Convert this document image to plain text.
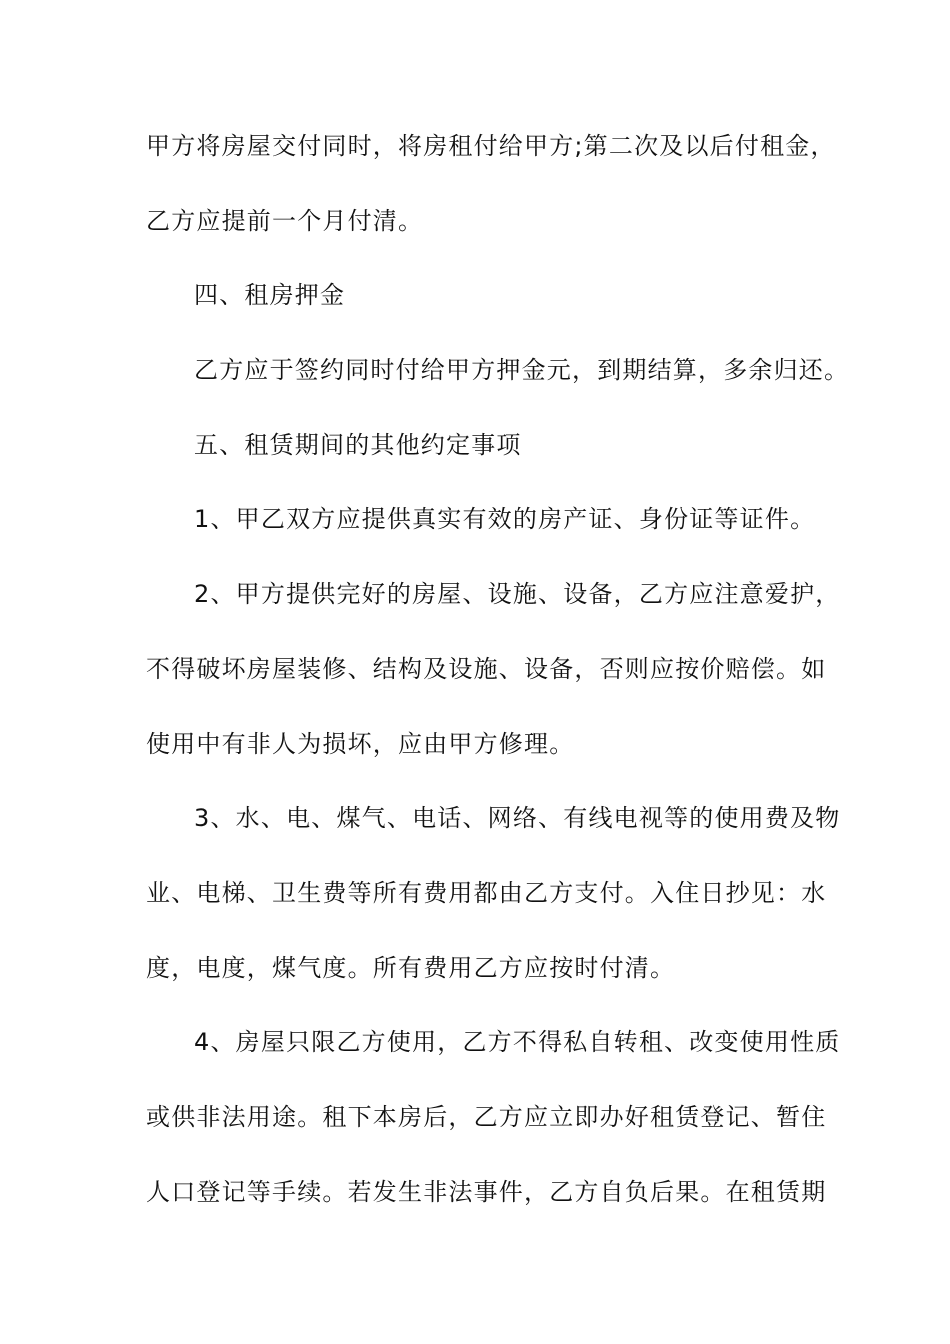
甲方将房屋交付同时，将房租付给甲方;第二次及以后付租金，
乙方应提前一个月付清。
四、租房押金
乙方应于签约同时付给甲方押金元，到期结算，多余归还。
五、租赁期间的其他约定事项
1、甲乙双方应提供真实有效的房产证、身份证等证件。
2、甲方提供完好的房屋、设施、设备，乙方应注意爱护，
不得破坏房屋装修、结构及设施、设备，否则应按价赔偿。如
使用中有非人为损坏，应由甲方修理。
3、水、电、煤气、电话、网络、有线电视等的使用费及物
业、电梯、卫生费等所有费用都由乙方支付。入住日抄见：水
度，电度，煤气度。所有费用乙方应按时付清。
4、房屋只限乙方使用，乙方不得私自转租、改变使用性质
或供非法用途。租下本房后，乙方应立即办好租赁登记、暂住
人口登记等手续。若发生非法事件，乙方自负后果。在租赁期
